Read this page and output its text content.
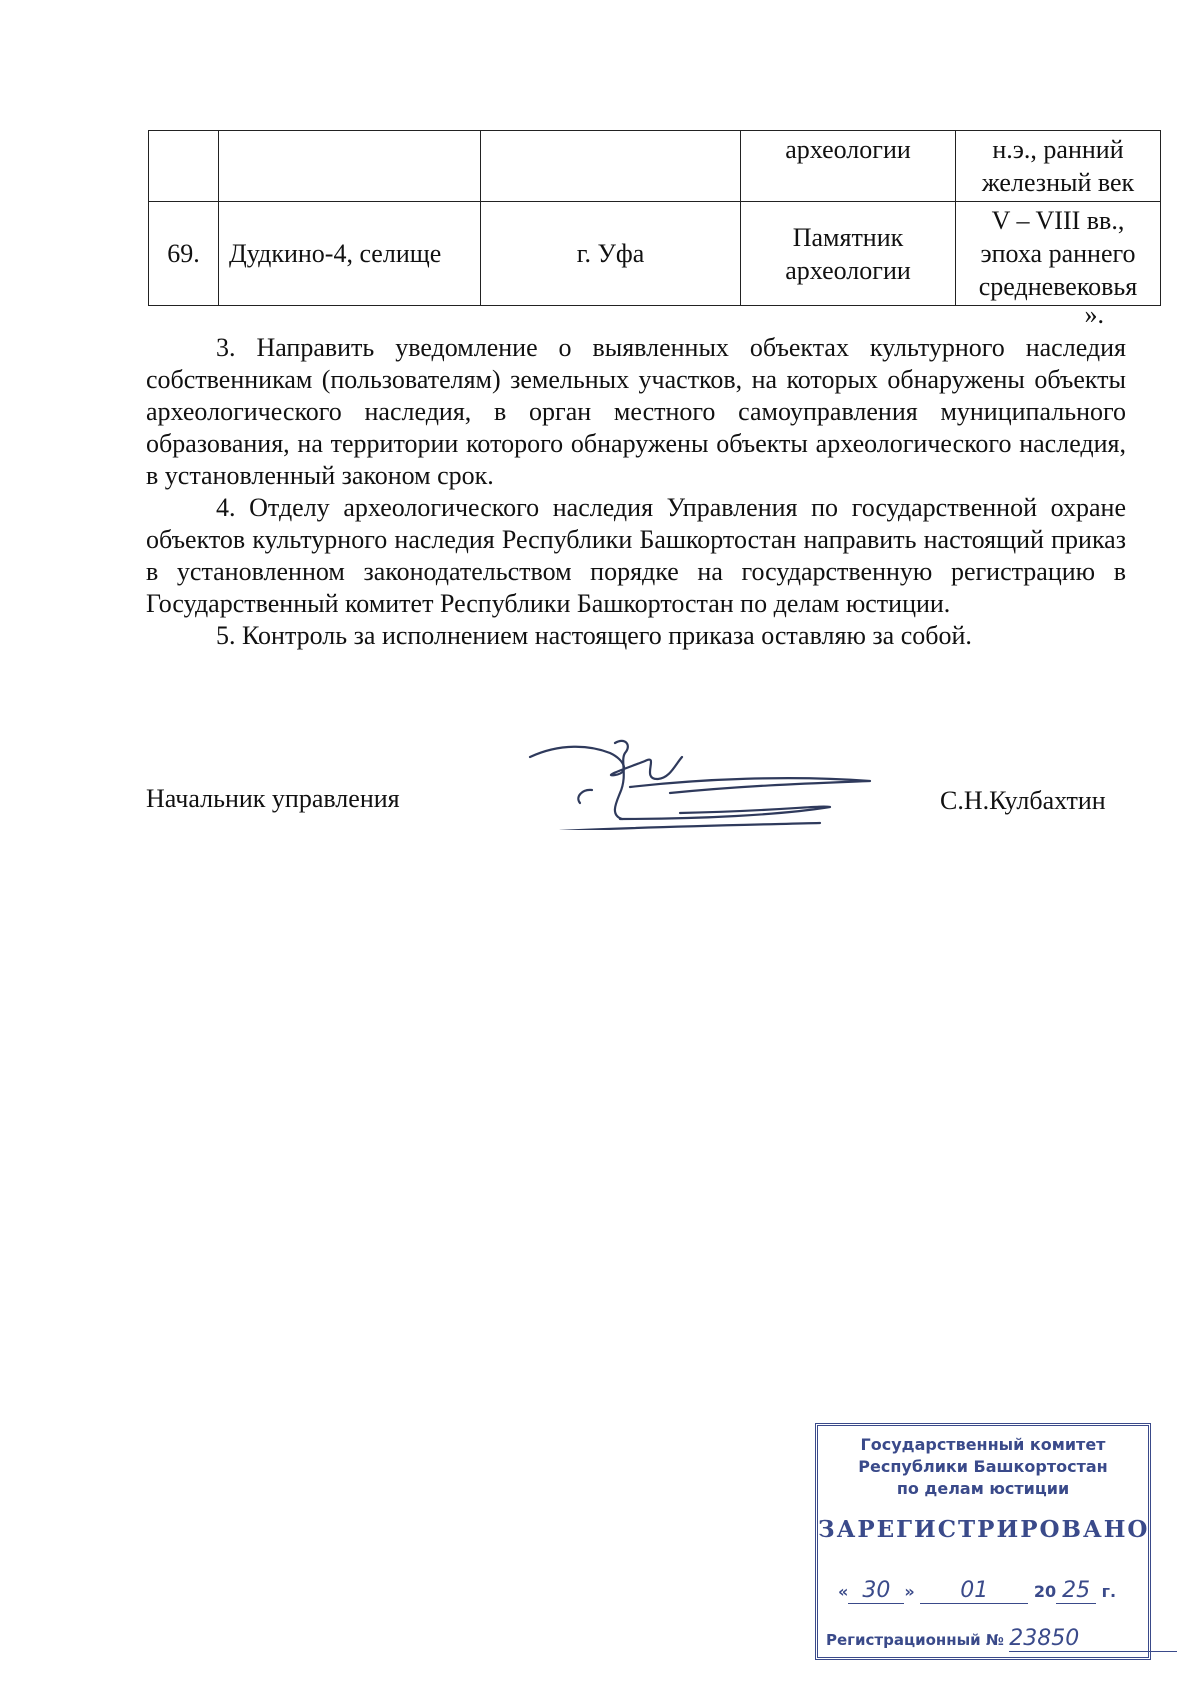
			археологии	н.э., ранний железный век
69.	Дудкино-4, селище	г. Уфа	Памятник археологии	V – VIII вв., эпоха раннего средневековья
».

3. Направить уведомление о выявленных объектах культурного наследия собственникам (пользователям) земельных участков, на которых обнаружены объекты археологического наследия, в орган местного самоуправления муниципального образования, на территории которого обнаружены объекты археологического наследия, в установленный законом срок.

4. Отделу археологического наследия Управления по государственной охране объектов культурного наследия Республики Башкортостан направить настоящий приказ в установленном законодательством порядке на государственную регистрацию в Государственный комитет Республики Башкортостан по делам юстиции.

5. Контроль за исполнением настоящего приказа оставляю за собой.

Начальник управления	С.Н.Кулбахтин
Государственный комитет
Республики Башкортостан
по делам юстиции
ЗАРЕГИСТРИРОВАНО
« 30 » 01	20 25 г.
Регистрационный № 23850
